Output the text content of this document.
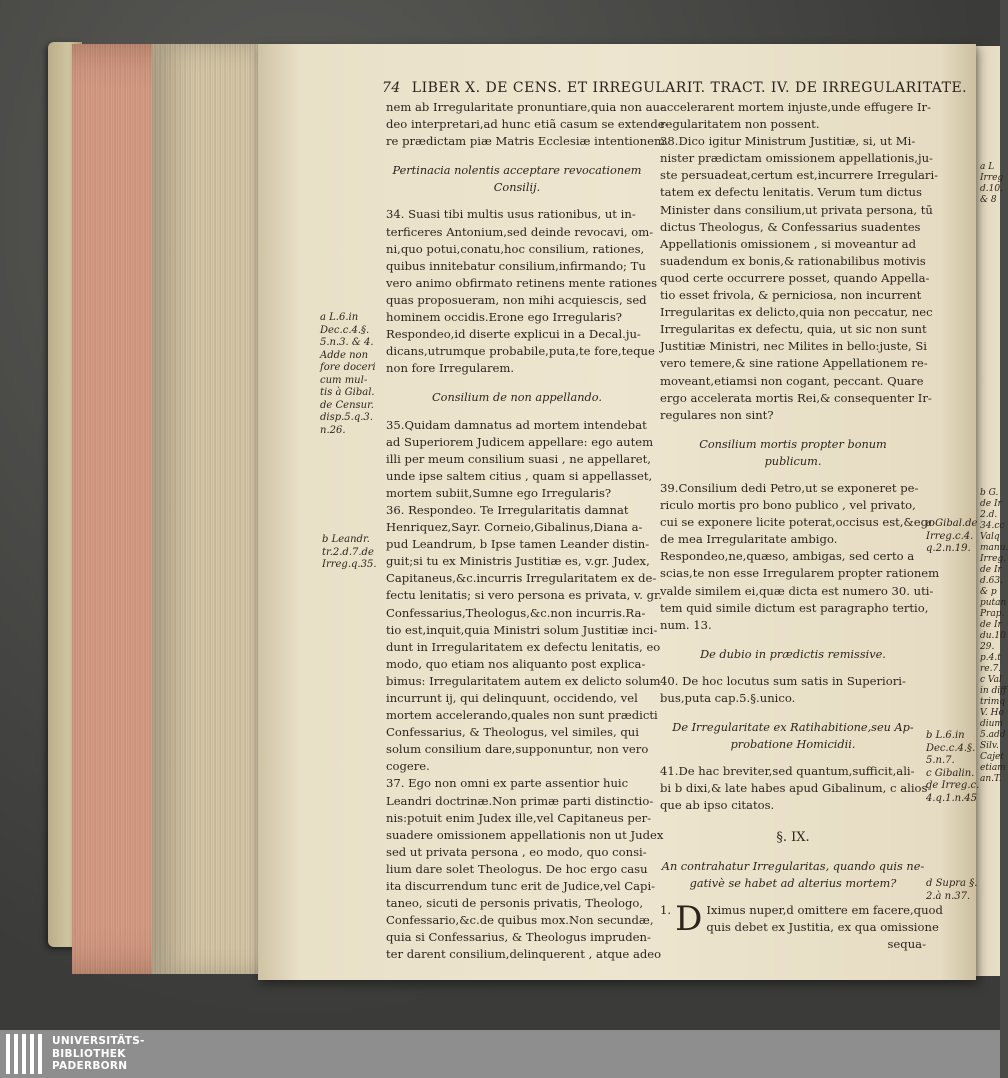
74 LIBER X. DE CENS. ET IRREGULARIT. TRACT. IV. DE IRREGULARITATE.
nem ab Irregularitate pronuntiare,quia non au-
deo interpretari,ad hunc etiã casum se extende-
re prædictam piæ Matris Ecclesiæ intentionem.
Pertinacia nolentis acceptare revocationem
Consilij.
34. Suasi tibi multis usus rationibus, ut in-
terficeres Antonium,sed deinde revocavi, om-
ni,quo potui,conatu,hoc consilium, rationes,
quibus innitebatur consilium,infirmando; Tu
vero animo obfirmato retinens mente rationes
quas proposueram, non mihi acquiescis, sed
hominem occidis.Erone ego Irregularis?
Respondeo,id diserte explicui in a Decal.ju-
dicans,utrumque probabile,puta,te fore,teque
non fore Irregularem.
Consilium de non appellando.
35.Quidam damnatus ad mortem intendebat
ad Superiorem Judicem appellare: ego autem
illi per meum consilium suasi , ne appellaret,
unde ipse saltem citius , quam si appellasset,
mortem subiit,Sumne ego Irregularis?
36. Respondeo. Te Irregularitatis damnat
Henriquez,Sayr. Corneio,Gibalinus,Diana a-
pud Leandrum, b Ipse tamen Leander distin-
guit;si tu ex Ministris Justitiæ es, v.gr. Judex,
Capitaneus,&c.incurris Irregularitatem ex de-
fectu lenitatis; si vero persona es privata, v. gr.
Confessarius,Theologus,&c.non incurris.Ra-
tio est,inquit,quia Ministri solum Justitiæ inci-
dunt in Irregularitatem ex defectu lenitatis, eo
modo, quo etiam nos aliquanto post explica-
bimus: Irregularitatem autem ex delicto solum
incurrunt ij, qui delinquunt, occidendo, vel
mortem accelerando,quales non sunt prædicti
Confessarius, & Theologus, vel similes, qui
solum consilium dare,supponuntur, non vero
cogere.
37. Ego non omni ex parte assentior huic
Leandri doctrinæ.Non primæ parti distinctio-
nis:potuit enim Judex ille,vel Capitaneus per-
suadere omissionem appellationis non ut Judex
sed ut privata persona , eo modo, quo consi-
lium dare solet Theologus. De hoc ergo casu
ita discurrendum tunc erit de Judice,vel Capi-
taneo, sicuti de personis privatis, Theologo,
Confessario,&c.de quibus mox.Non secundæ,
quia si Confessarius, & Theologus impruden-
ter darent consilium,delinquerent , atque adeo
accelerarent mortem injuste,unde effugere Ir-
regularitatem non possent.
38.Dico igitur Ministrum Justitiæ, si, ut Mi-
nister prædictam omissionem appellationis,ju-
ste persuadeat,certum est,incurrere Irregulari-
tatem ex defectu lenitatis. Verum tum dictus
Minister dans consilium,ut privata persona, tū
dictus Theologus, & Confessarius suadentes
Appellationis omissionem , si moveantur ad
suadendum ex bonis,& rationabilibus motivis
quod certe occurrere posset, quando Appella-
tio esset frivola, & perniciosa, non incurrent
Irregularitas ex delicto,quia non peccatur, nec
Irregularitas ex defectu, quia, ut sic non sunt
Justitiæ Ministri, nec Milites in bello:juste, Si
vero temere,& sine ratione Appellationem re-
moveant,etiamsi non cogant, peccant. Quare
ergo accelerata mortis Rei,& consequenter Ir-
regulares non sint?
Consilium mortis propter bonum
publicum.
39.Consilium dedi Petro,ut se exponeret pe-
riculo mortis pro bono publico , vel privato,
cui se exponere licite poterat,occisus est,&ego
de mea Irregularitate ambigo.
Respondeo,ne,quæso, ambigas, sed certo a
scias,te non esse Irregularem propter rationem
valde similem ei,quæ dicta est numero 30. uti-
tem quid simile dictum est paragrapho tertio,
num. 13.
De dubio in prædictis remissive.
40. De hoc locutus sum satis in Superiori-
bus,puta cap.5.§.unico.
De Irregularitate ex Ratihabitione,seu Ap-
probatione Homicidii.
41.De hac breviter,sed quantum,sufficit,ali-
bi b dixi,& late habes apud Gibalinum, c alios-
que ab ipso citatos.
§. IX.
An contrahatur Irregularitas, quando quis ne-
gativè se habet ad alterius mortem?
1. D Iximus nuper,d omittere em facere,quod
quis debet ex Justitia, ex qua omissione
sequa-
a L.6.in
Dec.c.4.§.
5.n.3. & 4.
Adde non
fore doceri
cum mul-
tis à Gibal.
de Censur.
disp.5.q.3.
n.26.
b Leandr.
tr.2.d.7.de
Irreg.q.35.
a Gibal.de
Irreg.c.4.
q.2.n.19.
b L.6.in
Dec.c.4.§.
5.n.7.
c Gibalin.
de Irreg.c.
4.q.1.n.45
d Supra §.
2.à n.37.
a L
Irreg
d.10.
& 8
b G.
de Ir
2.d.
34.cc
Valq
manu.
Irreg.
de Ir
d.63.
& p
putan
Prap.
de Ir
du.10
29.
p.4.t
re.7.
c Val
in diff
trimq
V. Ho
dium
5.add
Silv.
Cajet
etiam
an.T.
UNIVERSITÄTS-
BIBLIOTHEK
PADERBORN
